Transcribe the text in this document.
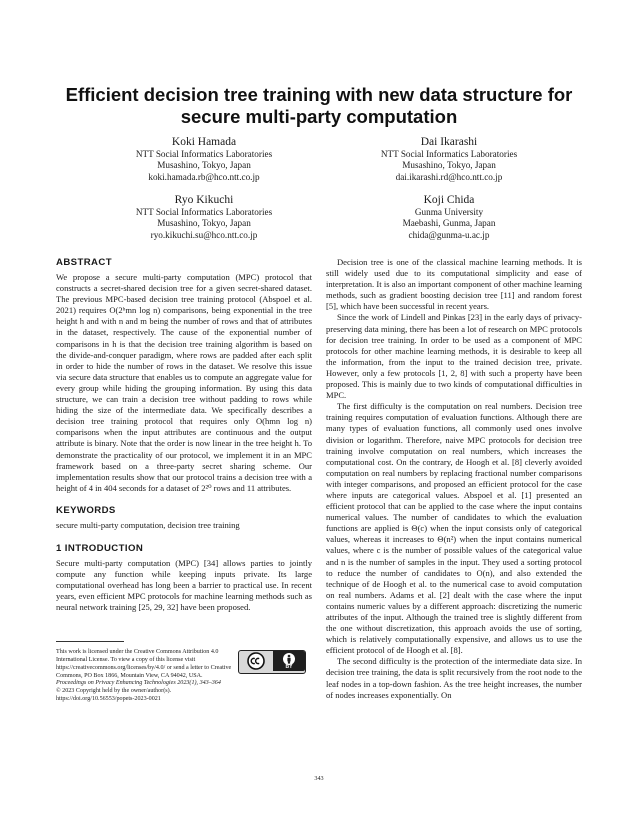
Efficient decision tree training with new data structure for secure multi-party computation
Koki Hamada
NTT Social Informatics Laboratories
Musashino, Tokyo, Japan
koki.hamada.rb@hco.ntt.co.jp
Dai Ikarashi
NTT Social Informatics Laboratories
Musashino, Tokyo, Japan
dai.ikarashi.rd@hco.ntt.co.jp
Ryo Kikuchi
NTT Social Informatics Laboratories
Musashino, Tokyo, Japan
ryo.kikuchi.su@hco.ntt.co.jp
Koji Chida
Gunma University
Maebashi, Gunma, Japan
chida@gunma-u.ac.jp
ABSTRACT

We propose a secure multi-party computation (MPC) protocol that constructs a secret-shared decision tree for a given secret-shared dataset. The previous MPC-based decision tree training protocol (Abspoel et al. 2021) requires O(2ʰmn log n) comparisons, being exponential in the tree height h and with n and m being the number of rows and that of attributes in the dataset, respectively. The cause of the exponential number of comparisons in h is that the decision tree training algorithm is based on the divide-and-conquer paradigm, where rows are padded after each split in order to hide the number of rows in the dataset. We resolve this issue via secure data structure that enables us to compute an aggregate value for every group while hiding the grouping information. By using this data structure, we can train a decision tree without padding to rows while hiding the size of the intermediate data. We specifically describes a decision tree training protocol that requires only O(hmn log n) comparisons when the input attributes are continuous and the output attribute is binary. Note that the order is now linear in the tree height h. To demonstrate the practicality of our protocol, we implement it in an MPC framework based on a three-party secret sharing scheme. Our implementation results show that our protocol trains a decision tree with a height of 4 in 404 seconds for a dataset of 2²⁰ rows and 11 attributes.

KEYWORDS

secure multi-party computation, decision tree training

1 INTRODUCTION

Secure multi-party computation (MPC) [34] allows parties to jointly compute any function while keeping inputs private. Its large computational overhead has long been a barrier to practical use. In recent years, even efficient MPC protocols for machine learning methods such as neural network training [25, 29, 32] have been proposed.

Decision tree is one of the classical machine learning methods. It is still widely used due to its computational simplicity and ease of interpretation. It is also an important component of other machine learning methods, such as gradient boosting decision tree [11] and random forest [5], which have been successful in recent years.

Since the work of Lindell and Pinkas [23] in the early days of privacy-preserving data mining, there has been a lot of research on MPC protocols for decision tree training. In order to be used as a component of MPC protocols for other machine learning methods, it is desirable to keep all the information, from the input to the trained decision tree, private. However, only a few protocols [1, 2, 8] with such a property have been proposed. This is mainly due to two kinds of computational difficulties in MPC.

The first difficulty is the computation on real numbers. Decision tree training requires computation of evaluation functions. Although there are many types of evaluation functions, all commonly used ones involve division or logarithm. Therefore, naive MPC protocols for decision tree training involve computation on real numbers, which increases the computational cost. On the contrary, de Hoogh et al. [8] cleverly avoided computation on real numbers by replacing fractional number comparisons with integer comparisons, and proposed an efficient protocol for the case where inputs are categorical values. Abspoel et al. [1] presented an efficient protocol that can be applied to the case where the input contains numerical values. The number of candidates to which the evaluation functions are applied is Θ(c) when the input consists only of categorical values, whereas it increases to Θ(n²) when the input contains numerical values, where c is the number of possible values of the categorical value and n is the number of samples in the input. They used a sorting protocol to reduce the number of candidates to O(n), and also extended the technique of de Hoogh et al. to the numerical case to avoid computation on real numbers. Adams et al. [2] dealt with the case where the input contains numeric values by a different approach: discretizing the numeric attributes of the input. Although the trained tree is slightly different from the one without discretization, this approach avoids the use of sorting, which is relatively computationally expensive, and allows us to use the efficient protocol of de Hoogh et al. [8].

The second difficulty is the protection of the intermediate data size. In decision tree training, the data is split recursively from the root node to the leaf nodes in a top-down fashion. As the tree height increases, the number of nodes increases exponentially. On

This work is licensed under the Creative Commons Attribution 4.0 International License. To view a copy of this license visit https://creativecommons.org/licenses/by/4.0/ or send a letter to Creative Commons, PO Box 1866, Mountain View, CA 94042, USA.
Proceedings on Privacy Enhancing Technologies 2023(1), 343–364
© 2023 Copyright held by the owner/author(s).
https://doi.org/10.56553/popets-2023-0021
BY
343
